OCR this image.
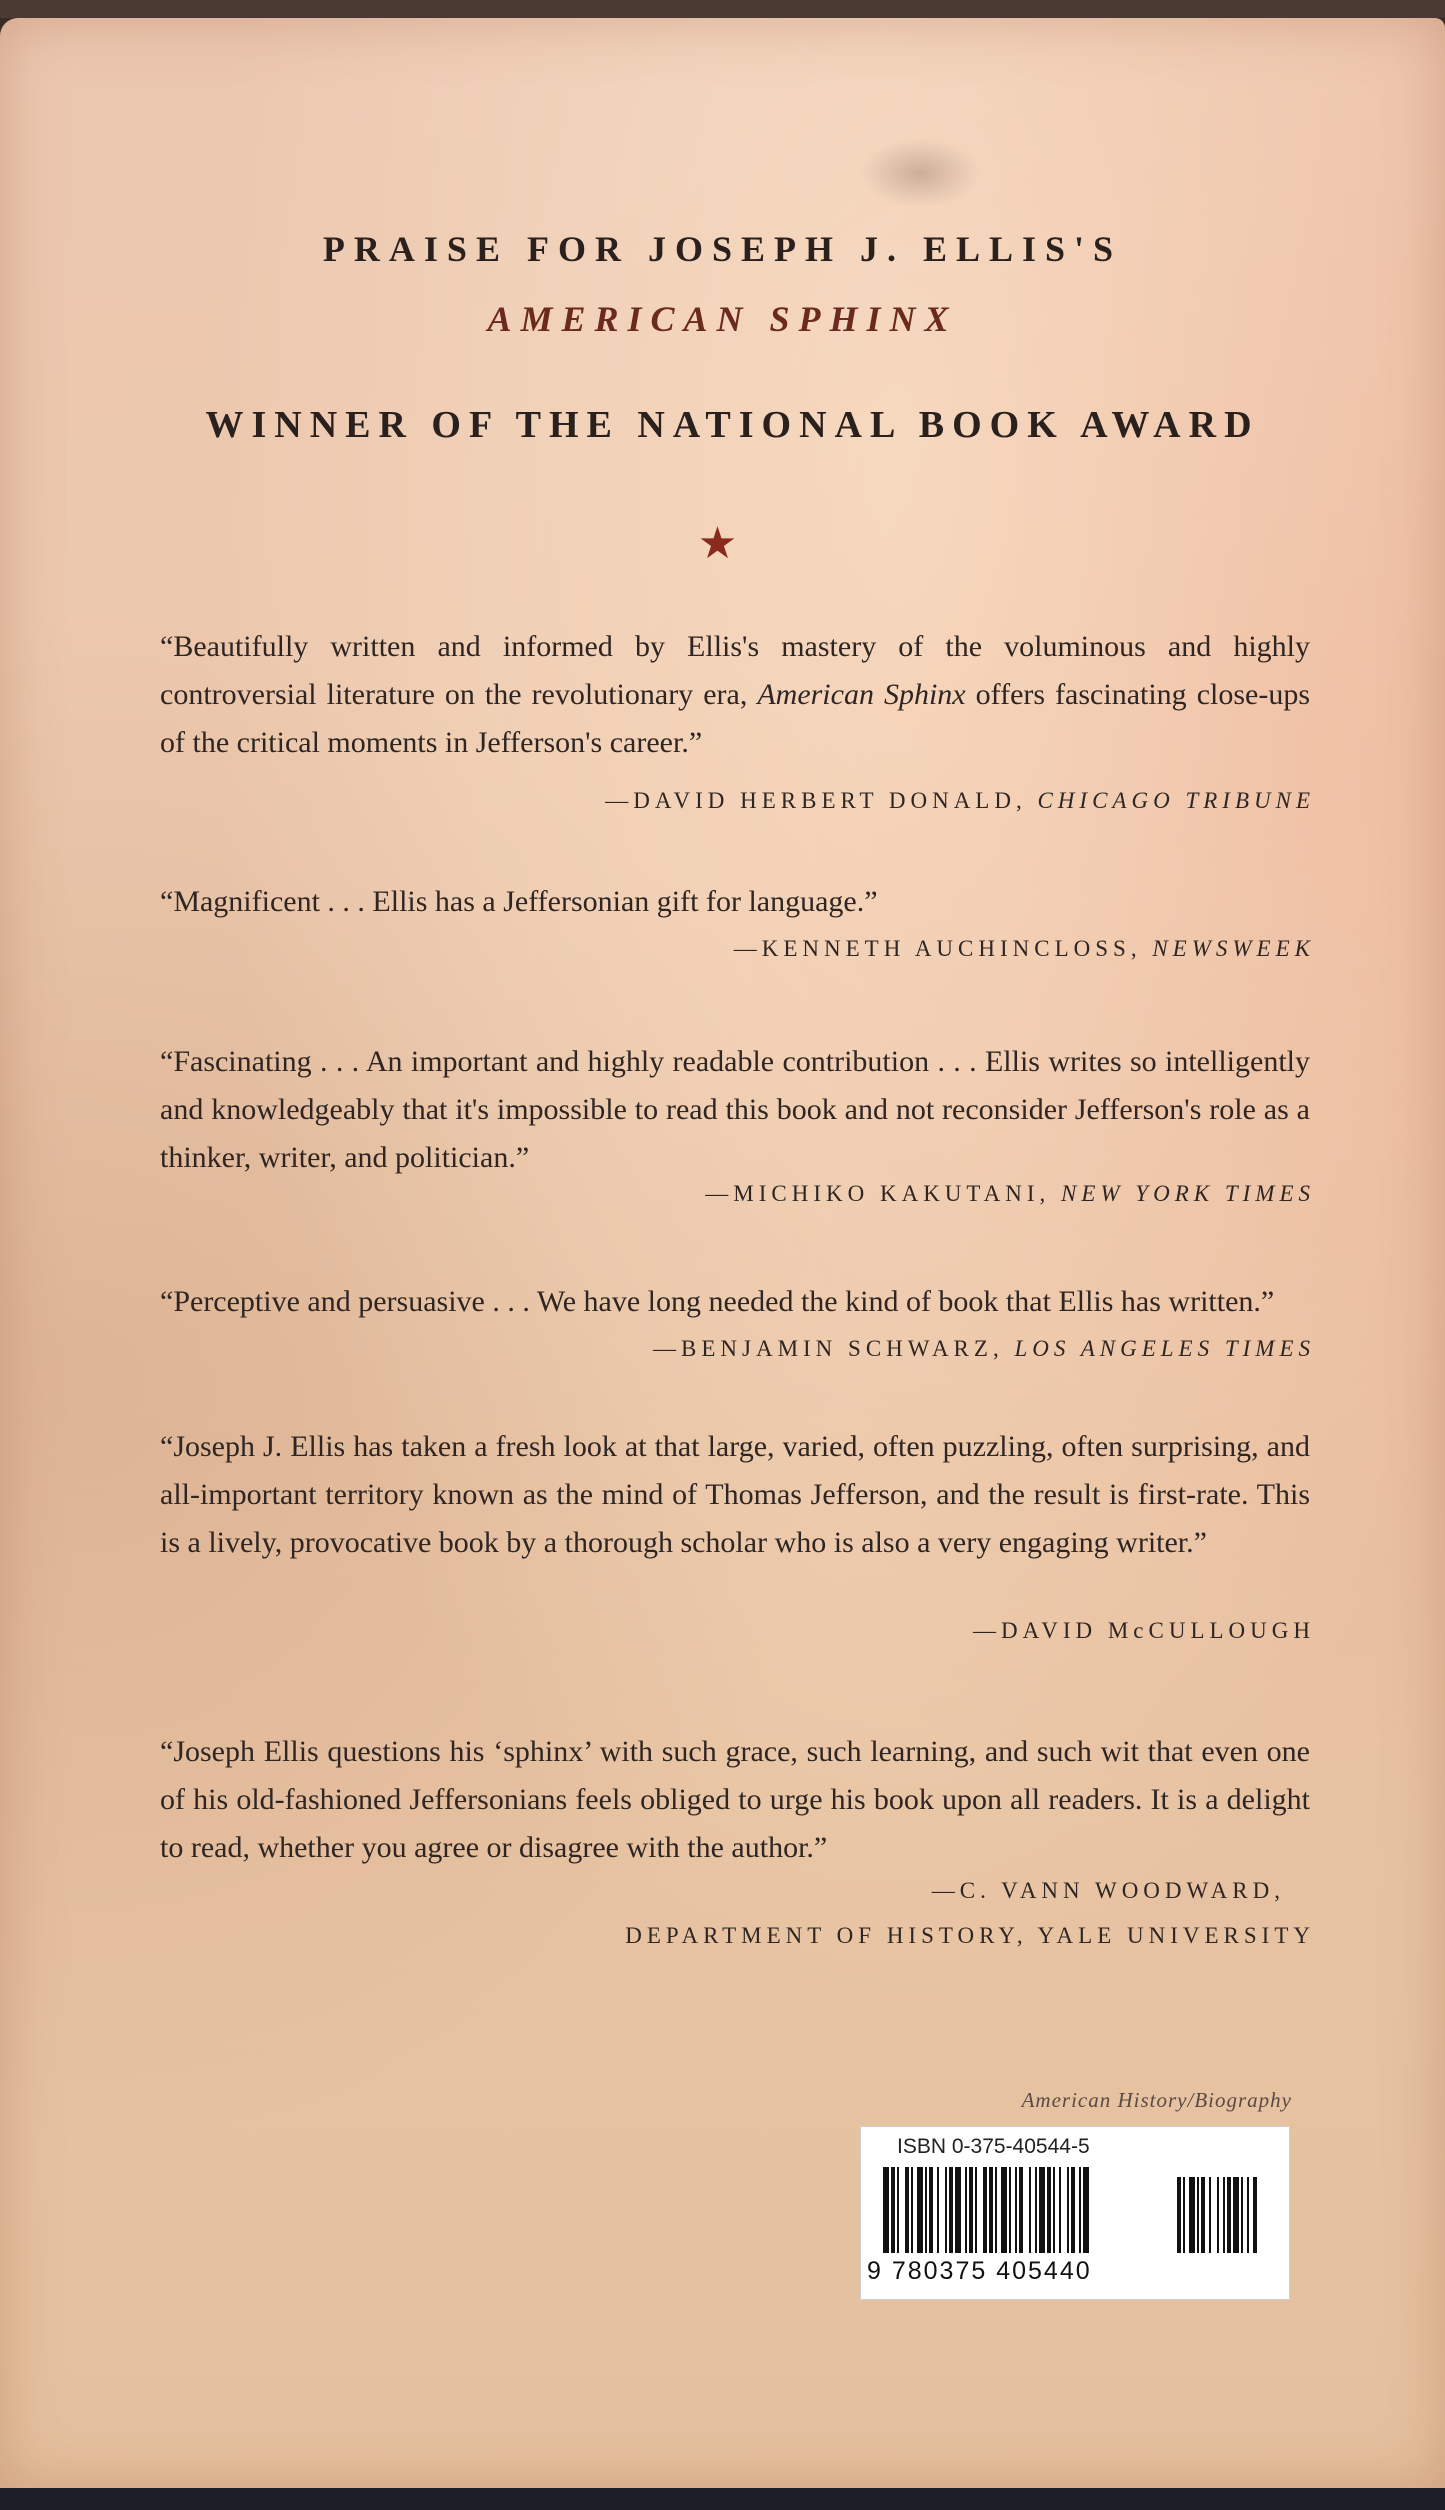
PRAISE FOR JOSEPH J. ELLIS'S
AMERICAN SPHINX
WINNER OF THE NATIONAL BOOK AWARD
★
“Beautifully written and informed by Ellis's mastery of the voluminous and highly controversial literature on the revolutionary era, American Sphinx offers fascinating close-ups of the critical moments in Jefferson's career.”
—DAVID HERBERT DONALD, CHICAGO TRIBUNE
“Magnificent . . . Ellis has a Jeffersonian gift for language.”
—KENNETH AUCHINCLOSS, NEWSWEEK
“Fascinating . . . An important and highly readable contribution . . . Ellis writes so intelligently and knowledgeably that it's impossible to read this book and not reconsider Jefferson's role as a thinker, writer, and politician.”
—MICHIKO KAKUTANI, NEW YORK TIMES
“Perceptive and persuasive . . . We have long needed the kind of book that Ellis has written.”
—BENJAMIN SCHWARZ, LOS ANGELES TIMES
“Joseph J. Ellis has taken a fresh look at that large, varied, often puzzling, often surprising, and all-important territory known as the mind of Thomas Jefferson, and the result is first-rate. This is a lively, provocative book by a thorough scholar who is also a very engaging writer.”
—DAVID McCULLOUGH
“Joseph Ellis questions his ‘sphinx’ with such grace, such learning, and such wit that even one of his old-fashioned Jeffersonians feels obliged to urge his book upon all readers. It is a delight to read, whether you agree or disagree with the author.”
—C. VANN WOODWARD,
DEPARTMENT OF HISTORY, YALE UNIVERSITY
American History/Biography
ISBN 0-375-40544-5
9 780375 405440
